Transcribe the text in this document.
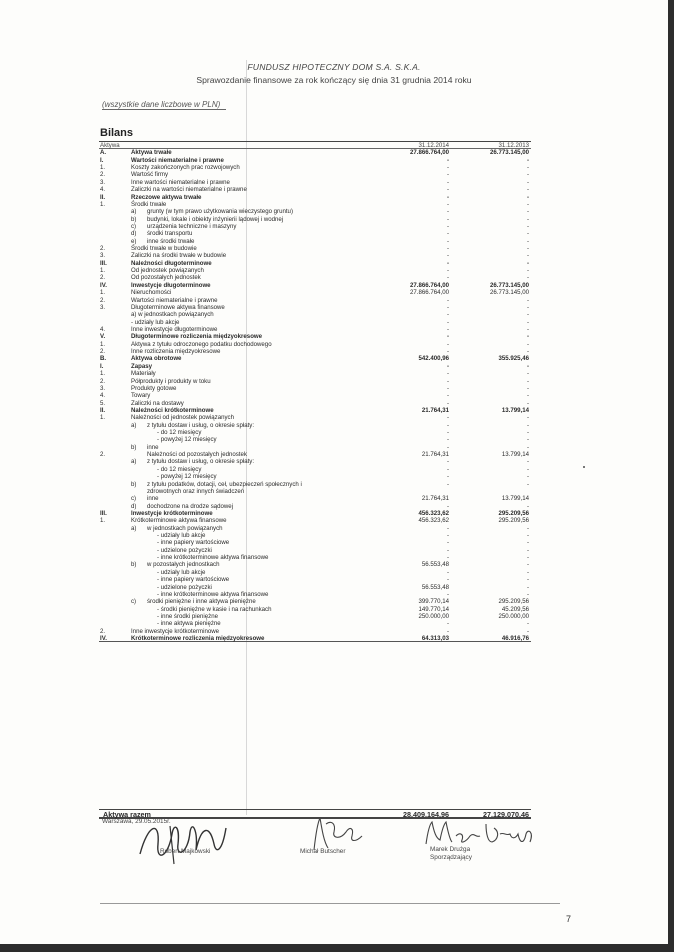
FUNDUSZ HIPOTECZNY DOM S.A. S.K.A.
Sprawozdanie finansowe za rok kończący się dnia 31 grudnia 2014 roku
(wszystkie dane liczbowe w PLN)
Bilans
Aktywa	31.12.2014	31.12.2013
A.	Aktywa trwałe	27.866.764,00	26.773.145,00
I.	Wartości niematerialne i prawne	-	-
1.	Koszty zakończonych prac rozwojowych	-	-
2.	Wartość firmy	-	-
3.	Inne wartości niematerialne i prawne	-	-
4.	Zaliczki na wartości niematerialne i prawne	-	-
II.	Rzeczowe aktywa trwałe	-	-
1.	Środki trwałe	-	-
a) grunty (w tym prawo użytkowania wieczystego gruntu)	-	-
b) budynki, lokale i obiekty inżynierii lądowej i wodnej	-	-
c) urządzenia techniczne i maszyny	-	-
d) środki transportu	-	-
e) inne środki trwałe	-	-
2.	Środki trwałe w budowie	-	-
3.	Zaliczki na środki trwałe w budowie	-	-
III.	Należności długoterminowe	-	-
1.	Od jednostek powiązanych	-	-
2.	Od pozostałych jednostek	-	-
IV.	Inwestycje długoterminowe	27.866.764,00	26.773.145,00
1.	Nieruchomości	27.866.764,00	26.773.145,00
2.	Wartości niematerialne i prawne	-	-
3.	Długoterminowe aktywa finansowe	-	-
a) w jednostkach powiązanych	-	-
- udziały lub akcje	-	-
4.	Inne inwestycje długoterminowe	-	-
V.	Długoterminowe rozliczenia międzyokresowe	-	-
1.	Aktywa z tytułu odroczonego podatku dochodowego	-	-
2.	Inne rozliczenia międzyokresowe	-	-
B.	Aktywa obrotowe	542.400,96	355.925,46
I.	Zapasy	-	-
1.	Materiały	-	-
2.	Półprodukty i produkty w toku	-	-
3.	Produkty gotowe	-	-
4.	Towary	-	-
5.	Zaliczki na dostawy	-	-
II.	Należności krótkoterminowe	21.764,31	13.799,14
1.	Należności od jednostek powiązanych	-	-
a) z tytułu dostaw i usług, o okresie spłaty:	-	-
- do 12 miesięcy	-	-
- powyżej 12 miesięcy	-	-
b) inne	-	-
2.	Należności od pozostałych jednostek	21.764,31	13.799,14
a) z tytułu dostaw i usług, o okresie spłaty:	-	-
- do 12 miesięcy	-	-
- powyżej 12 miesięcy	-	-
b) z tytułu podatków, dotacji, ceł, ubezpieczeń społecznych i	-	-
zdrowotnych oraz innych świadczeń
c) inne	21.764,31	13.799,14
d) dochodzone na drodze sądowej	-	-
III.	Inwestycje krótkoterminowe	456.323,62	295.209,56
1.	Krótkoterminowe aktywa finansowe	456.323,62	295.209,56
a) w jednostkach powiązanych	-	-
- udziały lub akcje	-	-
- inne papiery wartościowe	-	-
- udzielone pożyczki	-	-
- inne krótkoterminowe aktywa finansowe	-	-
b) w pozostałych jednostkach	56.553,48	-
- udziały lub akcje	-	-
- inne papiery wartościowe	-	-
- udzielone pożyczki	56.553,48	-
- inne krótkoterminowe aktywa finansowe	-	-
c) środki pieniężne i inne aktywa pieniężne	399.770,14	295.209,56
- środki pieniężne w kasie i na rachunkach	149.770,14	45.209,56
- inne środki pieniężne	250.000,00	250.000,00
- inne aktywa pieniężne	-	-
2.	Inne inwestycje krótkoterminowe	-	-
IV.	Krótkoterminowe rozliczenia międzyokresowe	64.313,03	46.916,76
Aktywa razem	28.409.164,96	27.129.070,46
Warszawa, 29.05.2015r.
Robert Majkowski	Michał Butscher	Marek Drużga
Sporządzający
7
